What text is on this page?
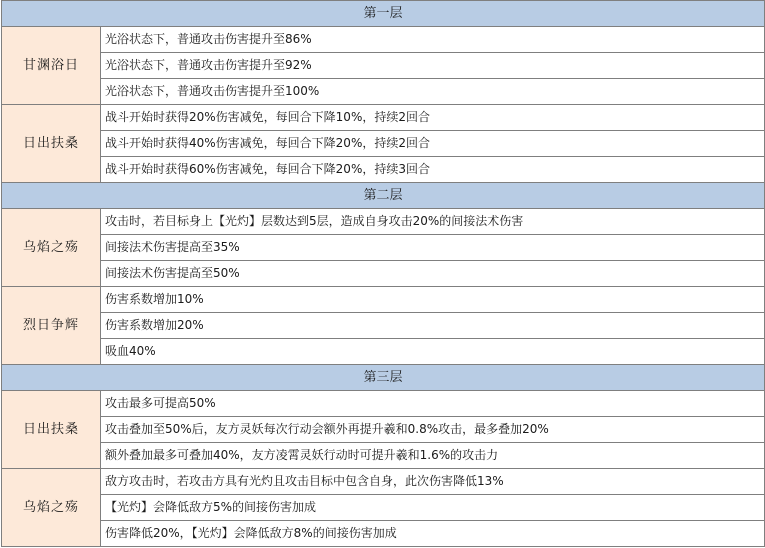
第一层	
甘渊浴日	光浴状态下，普通攻击伤害提升至86%
	光浴状态下，普通攻击伤害提升至92%
	光浴状态下，普通攻击伤害提升至100%
日出扶桑	战斗开始时获得20%伤害减免，每回合下降10%，持续2回合
	战斗开始时获得40%伤害减免，每回合下降20%，持续2回合
	战斗开始时获得60%伤害减免，每回合下降20%，持续3回合
第二层	
乌焰之殇	攻击时，若目标身上【光灼】层数达到5层，造成自身攻击20%的间接法术伤害
	间接法术伤害提高至35%
	间接法术伤害提高至50%
烈日争辉	伤害系数增加10%
	伤害系数增加20%
	吸血40%
第三层	
日出扶桑	攻击最多可提高50%
	攻击叠加至50%后，友方灵妖每次行动会额外再提升羲和0.8%攻击，最多叠加20%
	额外叠加最多可叠加40%，友方凌霄灵妖行动时可提升羲和1.6%的攻击力
乌焰之殇	敌方攻击时，若攻击方具有光灼且攻击目标中包含自身，此次伤害降低13%
	【光灼】会降低敌方5%的间接伤害加成
	伤害降低20%，【光灼】会降低敌方8%的间接伤害加成
